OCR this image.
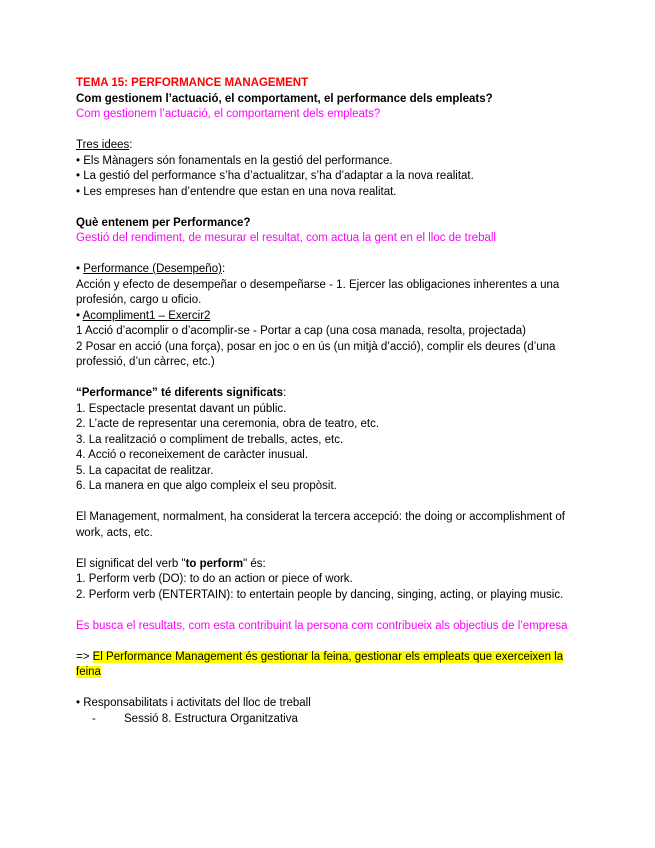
TEMA 15: PERFORMANCE MANAGEMENT

Com gestionem l’actuació, el comportament, el performance dels empleats?

Com gestionem l’actuació, el comportament dels empleats?

Tres idees:

• Els Mànagers són fonamentals en la gestió del performance.

• La gestió del performance s’ha d’actualitzar, s’ha d’adaptar a la nova realitat.

• Les empreses han d’entendre que estan en una nova realitat.

Què entenem per Performance?

Gestió del rendiment, de mesurar el resultat, com actua la gent en el lloc de treball

• Performance (Desempeño):

Acción y efecto de desempeñar o desempeñarse - 1. Ejercer las obligaciones inherentes a una profesión, cargo u oficio.

• Acompliment1 – Exercir2

1 Acció d’acomplir o d’acomplir-se - Portar a cap (una cosa manada, resolta, projectada)

2 Posar en acció (una força), posar en joc o en ús (un mitjà d’acció), complir els deures (d’una professió, d’un càrrec, etc.)

“Performance” té diferents significats:

1. Espectacle presentat davant un públic.

2. L’acte de representar una ceremonia, obra de teatro, etc.

3. La realització o compliment de treballs, actes, etc.

4. Acció o reconeixement de caràcter inusual.

5. La capacitat de realitzar.

6. La manera en que algo compleix el seu propòsit.

El Management, normalment, ha considerat la tercera accepció: the doing or accomplishment of work, acts, etc.

El significat del verb "to perform" és:

1. Perform verb (DO): to do an action or piece of work.

2. Perform verb (ENTERTAIN): to entertain people by dancing, singing, acting, or playing music.

Es busca el resultats, com esta contribuint la persona com contribueix als objectius de l’empresa

=> El Performance Management és gestionar la feina, gestionar els empleats que exerceixen la feina

• Responsabilitats i activitats del lloc de treball

- Sessió 8. Estructura Organitzativa
